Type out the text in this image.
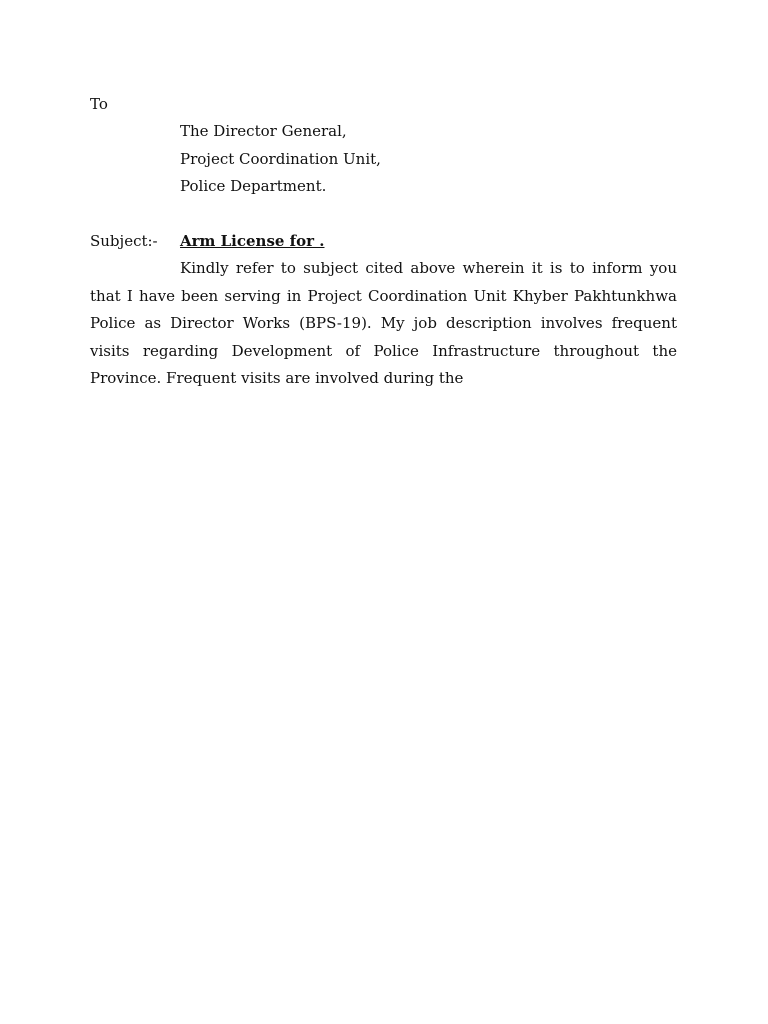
To
The Director General,
Project Coordination Unit,
Police Department.
Subject:-	Arm License for .

Kindly refer to subject cited above wherein it is to inform you that I have been serving in Project Coordination Unit Khyber Pakhtunkhwa Police as Director Works (BPS-19). My job description involves frequent visits regarding Development of Police Infrastructure throughout the Province. Frequent visits are involved during the
